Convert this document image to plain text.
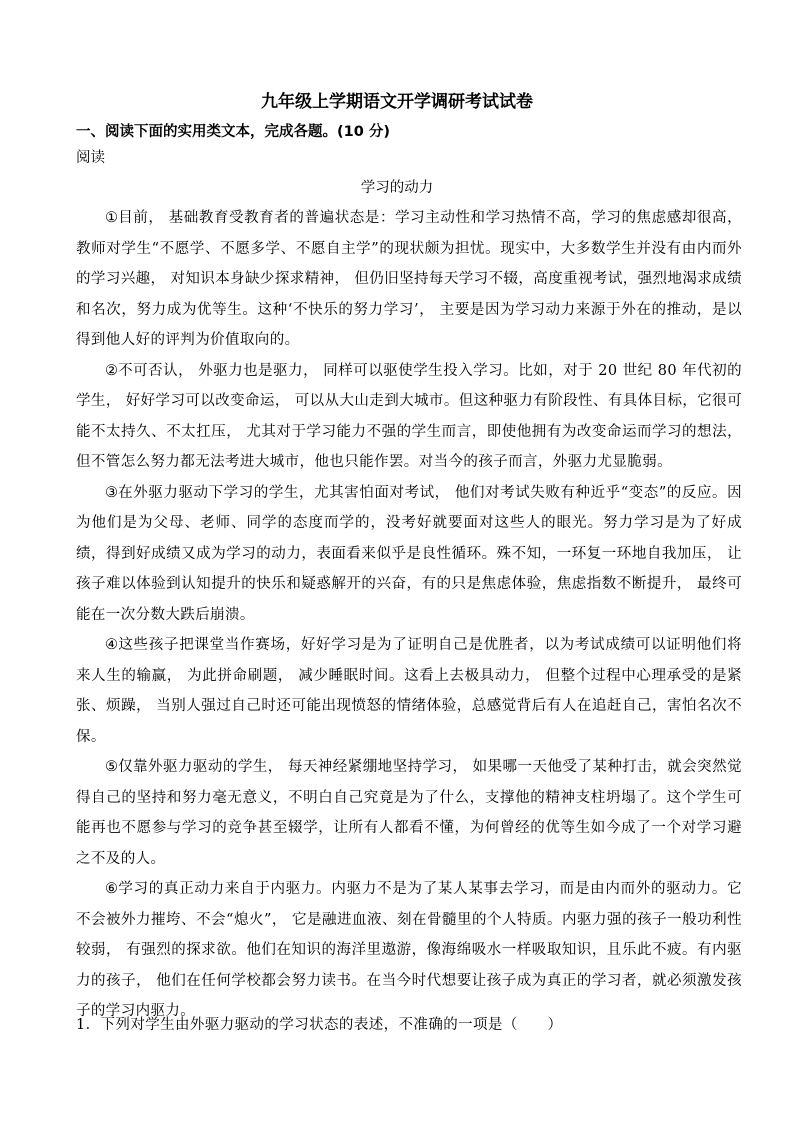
九年级上学期语文开学调研考试试卷
一、阅读下面的实用类文本，完成各题。(10 分)
阅读
学习的动力

①目前， 基础教育受教育者的普遍状态是：学习主动性和学习热情不高，学习的焦虑感却很高，教师对学生“不愿学、不愿多学、不愿自主学”的现状颇为担忧。现实中，大多数学生并没有由内而外的学习兴趣， 对知识本身缺少探求精神， 但仍旧坚持每天学习不辍，高度重视考试，强烈地渴求成绩和名次，努力成为优等生。这种‘不快乐的努力学习’， 主要是因为学习动力来源于外在的推动，是以得到他人好的评判为价值取向的。

②不可否认， 外驱力也是驱力， 同样可以驱使学生投入学习。比如，对于 20 世纪 80 年代初的学生， 好好学习可以改变命运， 可以从大山走到大城市。但这种驱力有阶段性、有具体目标，它很可能不太持久、不太扛压， 尤其对于学习能力不强的学生而言，即使他拥有为改变命运而学习的想法，但不管怎么努力都无法考进大城市，他也只能作罢。对当今的孩子而言，外驱力尤显脆弱。

③在外驱力驱动下学习的学生，尤其害怕面对考试， 他们对考试失败有种近乎“变态”的反应。因为他们是为父母、老师、同学的态度而学的，没考好就要面对这些人的眼光。努力学习是为了好成绩，得到好成绩又成为学习的动力，表面看来似乎是良性循环。殊不知，一环复一环地自我加压， 让孩子难以体验到认知提升的快乐和疑惑解开的兴奋，有的只是焦虑体验，焦虑指数不断提升， 最终可能在一次分数大跌后崩溃。

④这些孩子把课堂当作赛场，好好学习是为了证明自己是优胜者，以为考试成绩可以证明他们将来人生的输赢， 为此拼命刷题， 减少睡眠时间。这看上去极具动力， 但整个过程中心理承受的是紧张、烦躁， 当别人强过自己时还可能出现愤怒的情绪体验，总感觉背后有人在追赶自己，害怕名次不保。

⑤仅靠外驱力驱动的学生， 每天神经紧绷地坚持学习， 如果哪一天他受了某种打击，就会突然觉得自己的坚持和努力毫无意义，不明白自己究竟是为了什么，支撑他的精神支柱坍塌了。这个学生可能再也不愿参与学习的竞争甚至辍学，让所有人都看不懂，为何曾经的优等生如今成了一个对学习避之不及的人。

⑥学习的真正动力来自于内驱力。内驱力不是为了某人某事去学习，而是由内而外的驱动力。它不会被外力摧垮、不会“熄火”， 它是融进血液、刻在骨髓里的个人特质。内驱力强的孩子一般功利性较弱， 有强烈的探求欲。他们在知识的海洋里遨游，像海绵吸水一样吸取知识，且乐此不疲。有内驱力的孩子， 他们在任何学校都会努力读书。在当今时代想要让孩子成为真正的学习者，就必须激发孩子的学习内驱力。

1．下列对学生由外驱力驱动的学习状态的表述，不准确的一项是（　　）
